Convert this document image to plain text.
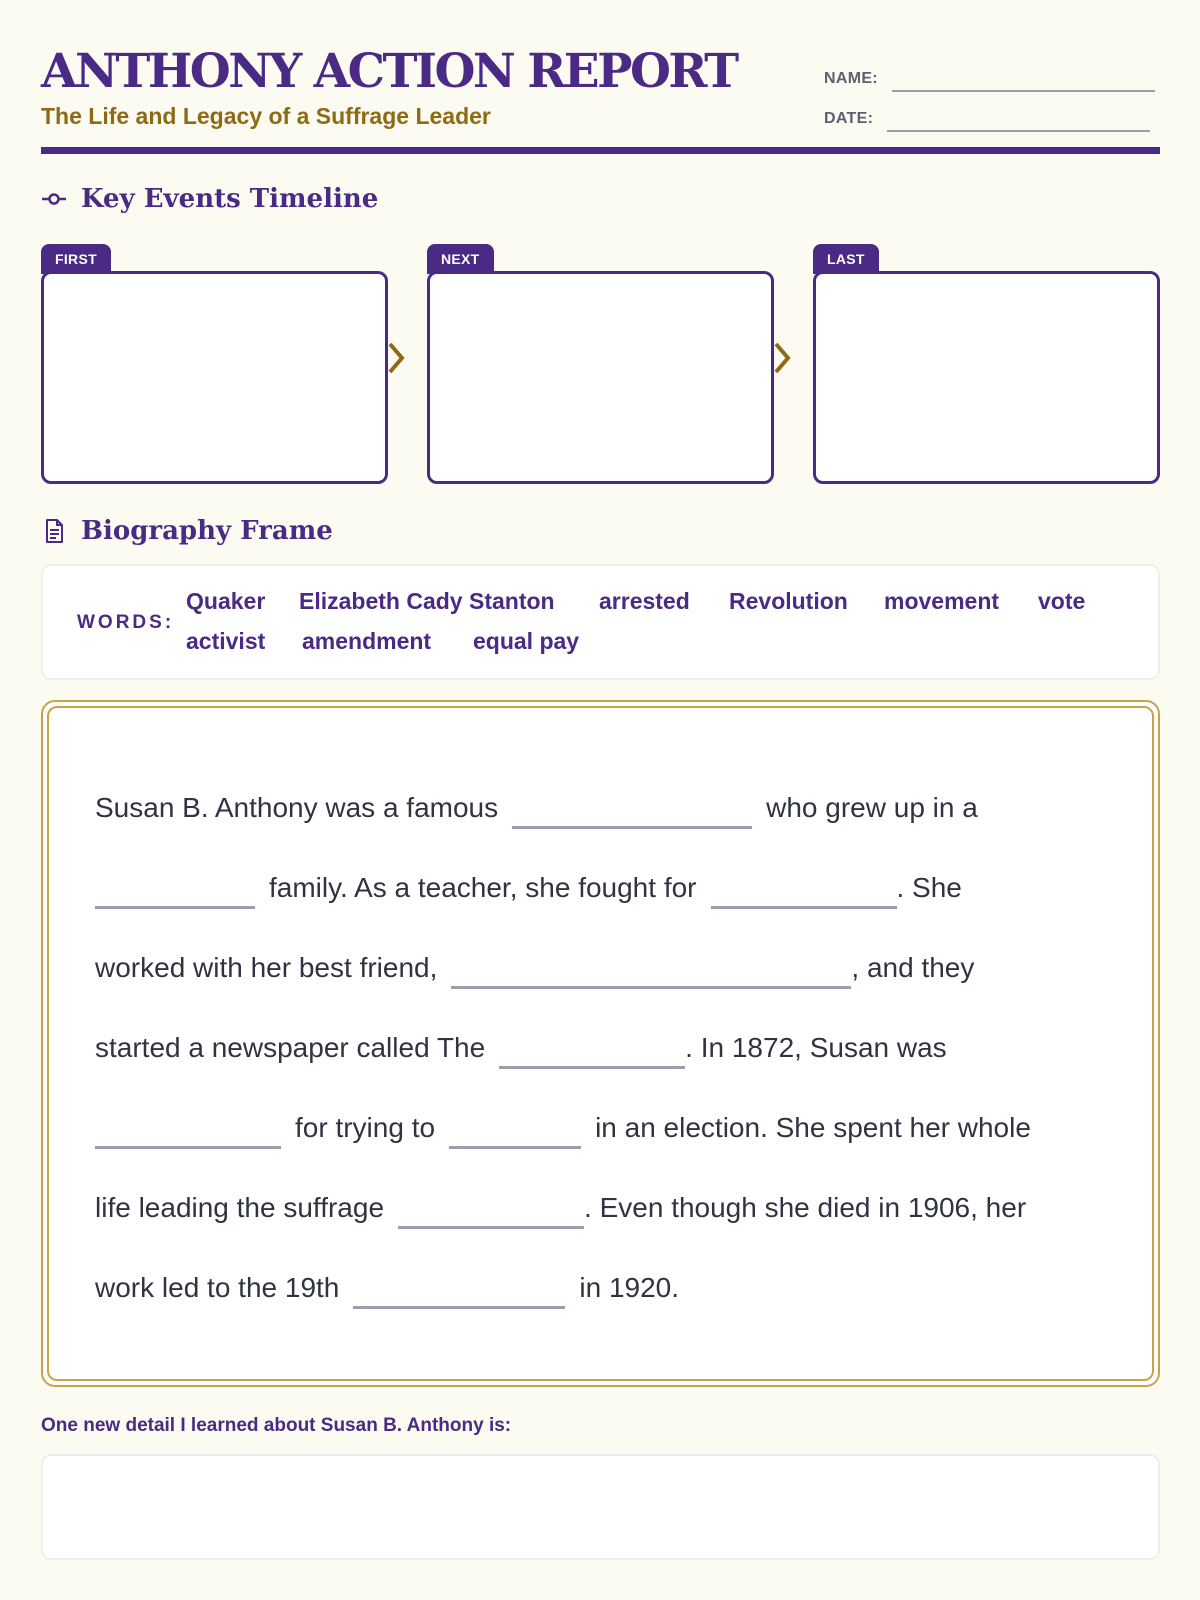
ANTHONY ACTION REPORT
The Life and Legacy of a Suffrage Leader
NAME:
DATE:
Key Events Timeline
FIRST	NEXT	LAST
Biography Frame
WORDS:
Quaker Elizabeth Cady Stanton arrested Revolution movement vote
activist amendment equal pay
Susan B. Anthony was a famous	who grew up in a
family. As a teacher, she fought for	. She
worked with her best friend,	, and they
started a newspaper called The	. In 1872, Susan was
for trying to	in an election. She spent her whole
life leading the suffrage	. Even though she died in 1906, her
work led to the 19th	in 1920.
One new detail I learned about Susan B. Anthony is:
